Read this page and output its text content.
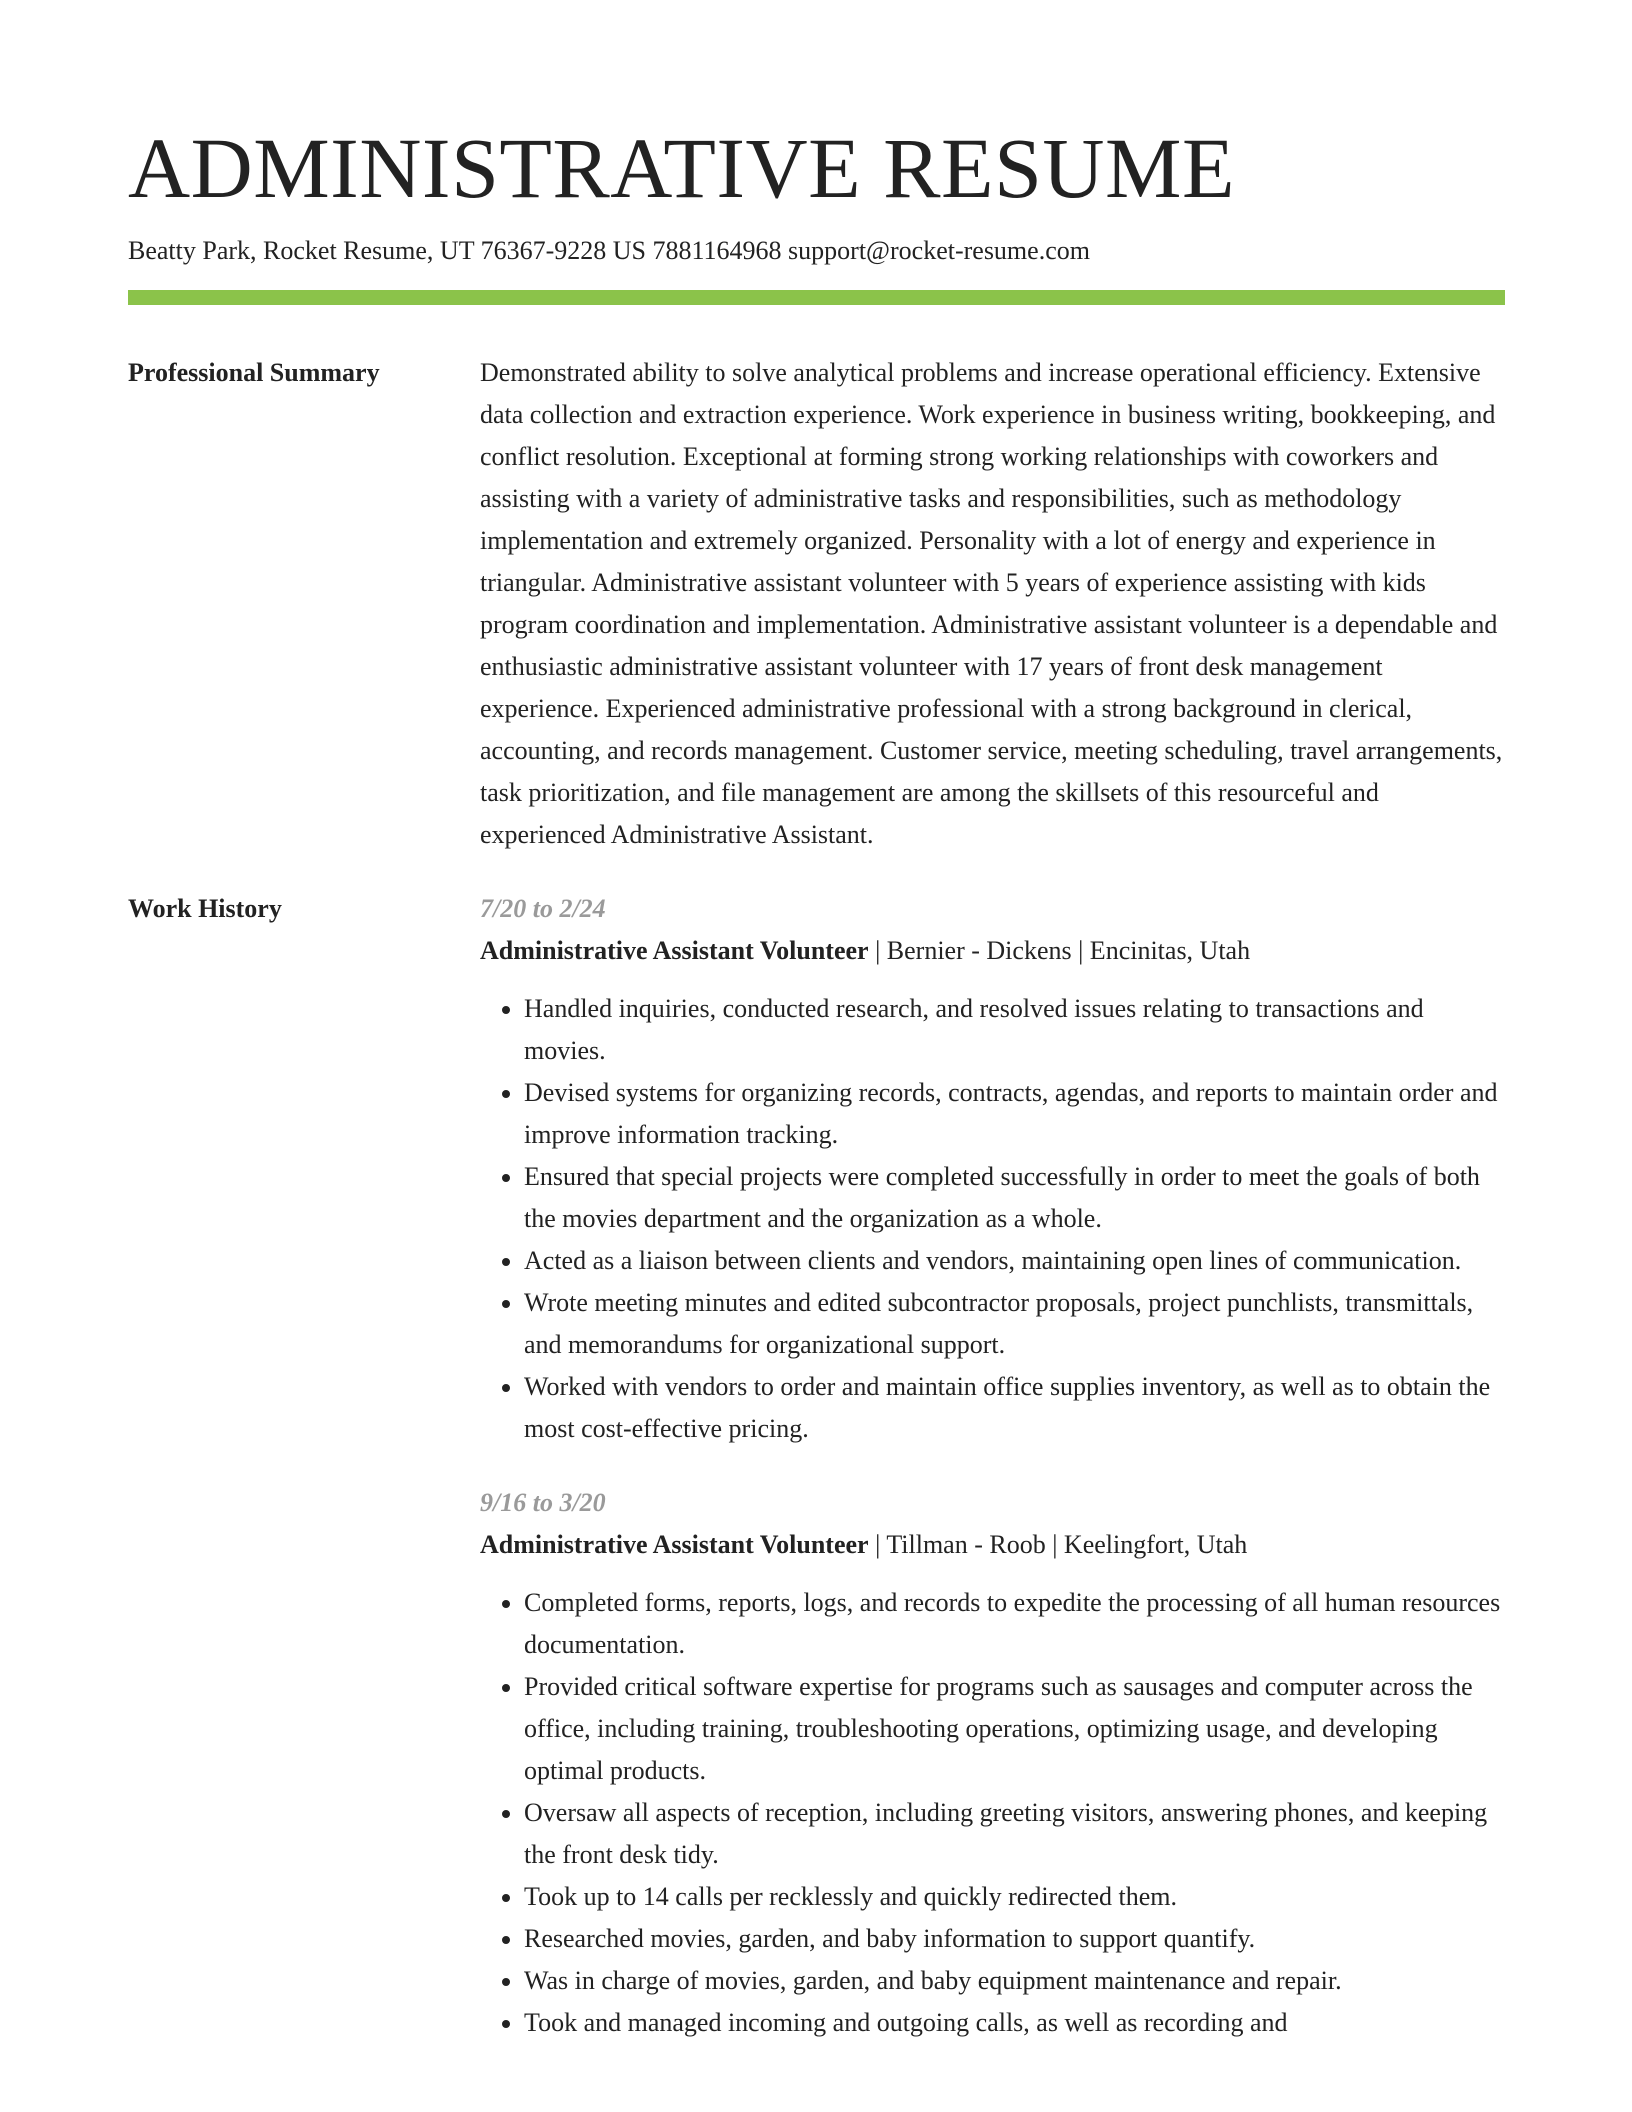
ADMINISTRATIVE RESUME
Beatty Park, Rocket Resume, UT 76367-9228 US 7881164968 support@rocket-resume.com
Professional Summary	Demonstrated ability to solve analytical problems and increase operational efficiency. Extensive data collection and extraction experience. Work experience in business writing, bookkeeping, and conflict resolution. Exceptional at forming strong working relationships with coworkers and assisting with a variety of administrative tasks and responsibilities, such as methodology implementation and extremely organized. Personality with a lot of energy and experience in triangular. Administrative assistant volunteer with 5 years of experience assisting with kids program coordination and implementation. Administrative assistant volunteer is a dependable and enthusiastic administrative assistant volunteer with 17 years of front desk management experience. Experienced administrative professional with a strong background in clerical, accounting, and records management. Customer service, meeting scheduling, travel arrangements, task prioritization, and file management are among the skillsets of this resourceful and experienced Administrative Assistant.

Work History	7/20 to 2/24
Administrative Assistant Volunteer | Bernier - Dickens | Encinitas, Utah
• Handled inquiries, conducted research, and resolved issues relating to transactions and movies.
• Devised systems for organizing records, contracts, agendas, and reports to maintain order and improve information tracking.
• Ensured that special projects were completed successfully in order to meet the goals of both the movies department and the organization as a whole.
• Acted as a liaison between clients and vendors, maintaining open lines of communication.
• Wrote meeting minutes and edited subcontractor proposals, project punchlists, transmittals, and memorandums for organizational support.
• Worked with vendors to order and maintain office supplies inventory, as well as to obtain the most cost-effective pricing.
9/16 to 3/20
Administrative Assistant Volunteer | Tillman - Roob | Keelingfort, Utah
• Completed forms, reports, logs, and records to expedite the processing of all human resources documentation.
• Provided critical software expertise for programs such as sausages and computer across the office, including training, troubleshooting operations, optimizing usage, and developing optimal products.
• Oversaw all aspects of reception, including greeting visitors, answering phones, and keeping the front desk tidy.
• Took up to 14 calls per recklessly and quickly redirected them.
• Researched movies, garden, and baby information to support quantify.
• Was in charge of movies, garden, and baby equipment maintenance and repair.
• Took and managed incoming and outgoing calls, as well as recording and
